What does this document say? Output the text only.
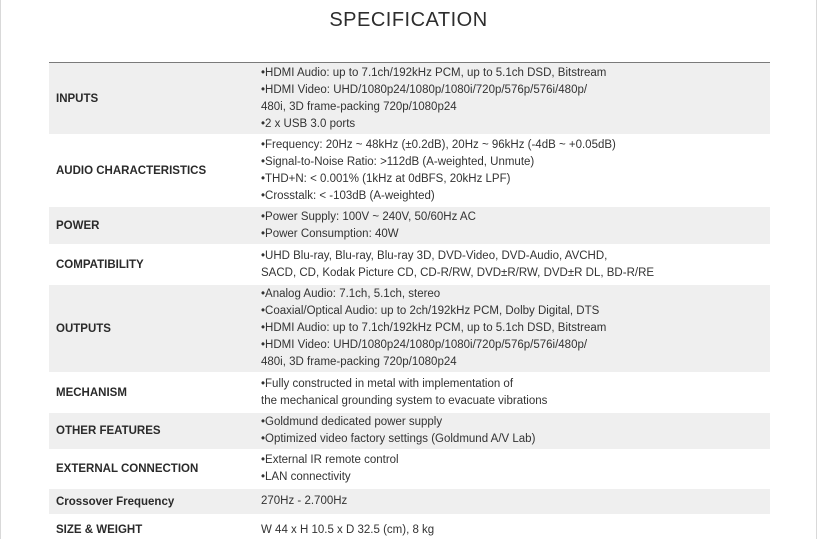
SPECIFICATION
INPUTS
•HDMI Audio: up to 7.1ch/192kHz PCM, up to 5.1ch DSD, Bitstream
•HDMI Video: UHD/1080p24/1080p/1080i/720p/576p/576i/480p/
480i, 3D frame-packing 720p/1080p24
•2 x USB 3.0 ports
AUDIO CHARACTERISTICS
•Frequency: 20Hz ~ 48kHz (±0.2dB), 20Hz ~ 96kHz (-4dB ~ +0.05dB)
•Signal-to-Noise Ratio: >112dB (A-weighted, Unmute)
•THD+N: < 0.001% (1kHz at 0dBFS, 20kHz LPF)
•Crosstalk: < -103dB (A-weighted)
POWER
•Power Supply: 100V ~ 240V, 50/60Hz AC
•Power Consumption: 40W
COMPATIBILITY
•UHD Blu-ray, Blu-ray, Blu-ray 3D, DVD-Video, DVD-Audio, AVCHD,
SACD, CD, Kodak Picture CD, CD-R/RW, DVD±R/RW, DVD±R DL, BD-R/RE
OUTPUTS
•Analog Audio: 7.1ch, 5.1ch, stereo
•Coaxial/Optical Audio: up to 2ch/192kHz PCM, Dolby Digital, DTS
•HDMI Audio: up to 7.1ch/192kHz PCM, up to 5.1ch DSD, Bitstream
•HDMI Video: UHD/1080p24/1080p/1080i/720p/576p/576i/480p/
480i, 3D frame-packing 720p/1080p24
MECHANISM
•Fully constructed in metal with implementation of
the mechanical grounding system to evacuate vibrations
OTHER FEATURES
•Goldmund dedicated power supply
•Optimized video factory settings (Goldmund A/V Lab)
EXTERNAL CONNECTION
•External IR remote control
•LAN connectivity
Crossover Frequency	270Hz - 2.700Hz
SIZE & WEIGHT	W 44 x H 10.5 x D 32.5 (cm), 8 kg
